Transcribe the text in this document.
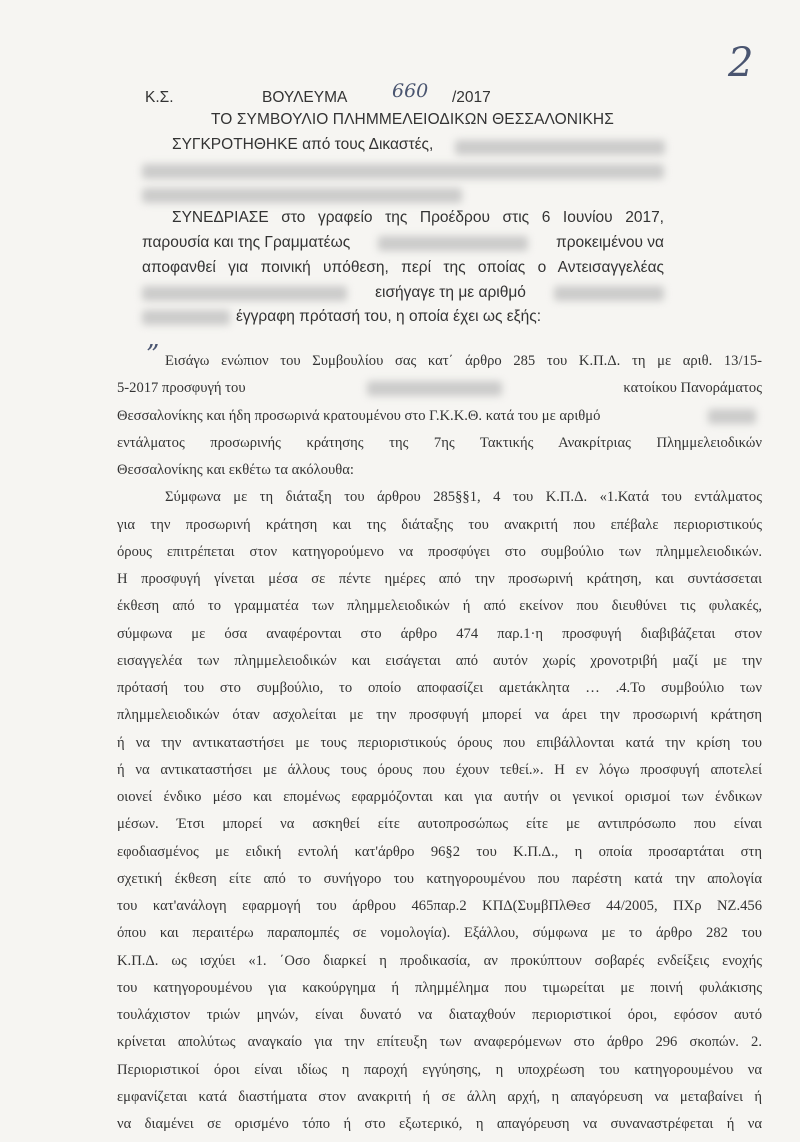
Κ.Σ.	ΒΟΥΛΕΥΜΑ 660 /2017
2
ΤΟ ΣΥΜΒΟΥΛΙΟ ΠΛΗΜΜΕΛΕΙΟΔΙΚΩΝ ΘΕΣΣΑΛΟΝΙΚΗΣ
ΣΥΓΚΡΟΤΗΘΗΚΕ από τους Δικαστές,
ΣΥΝΕΔΡΙΑΣΕ στο γραφείο της Προέδρου στις 6 Ιουνίου 2017,
παρουσία και της Γραμματέως	προκειμένου να
αποφανθεί για ποινική υπόθεση, περί της οποίας ο Αντεισαγγελέας
εισήγαγε τη με αριθμό
έγγραφη πρότασή του, η οποία έχει ως εξής:
” Εισάγω ενώπιον του Συμβουλίου σας κατ΄ άρθρο 285 του Κ.Π.Δ. τη με αριθ. 13/15-
5-2017 προσφυγή του	κατοίκου Πανοράματος
Θεσσαλονίκης και ήδη προσωρινά κρατουμένου στο Γ.Κ.Κ.Θ. κατά του με αριθμό
εντάλματος προσωρινής κράτησης της 7ης Τακτικής Ανακρίτριας Πλημμελειοδικών
Θεσσαλονίκης και εκθέτω τα ακόλουθα:
Σύμφωνα με τη διάταξη του άρθρου 285§§1, 4 του Κ.Π.Δ. «1.Κατά του εντάλματος
για την προσωρινή κράτηση και της διάταξης του ανακριτή που επέβαλε περιοριστικούς
όρους επιτρέπεται στον κατηγορούμενο να προσφύγει στο συμβούλιο των πλημμελειοδικών.
Η προσφυγή γίνεται μέσα σε πέντε ημέρες από την προσωρινή κράτηση, και συντάσσεται
έκθεση από το γραμματέα των πλημμελειοδικών ή από εκείνον που διευθύνει τις φυλακές,
σύμφωνα με όσα αναφέρονται στο άρθρο 474 παρ.1·η προσφυγή διαβιβάζεται στον
εισαγγελέα των πλημμελειοδικών και εισάγεται από αυτόν χωρίς χρονοτριβή μαζί με την
πρότασή του στο συμβούλιο, το οποίο αποφασίζει αμετάκλητα … .4.Το συμβούλιο των
πλημμελειοδικών όταν ασχολείται με την προσφυγή μπορεί να άρει την προσωρινή κράτηση
ή να την αντικαταστήσει με τους περιοριστικούς όρους που επιβάλλονται κατά την κρίση του
ή να αντικαταστήσει με άλλους τους όρους που έχουν τεθεί.». Η εν λόγω προσφυγή αποτελεί
οιονεί ένδικο μέσο και επομένως εφαρμόζονται και για αυτήν οι γενικοί ορισμοί των ένδικων
μέσων. Έτσι μπορεί να ασκηθεί είτε αυτοπροσώπως είτε με αντιπρόσωπο που είναι
εφοδιασμένος με ειδική εντολή κατ'άρθρο 96§2 του Κ.Π.Δ., η οποία προσαρτάται στη
σχετική έκθεση είτε από το συνήγορο του κατηγορουμένου που παρέστη κατά την απολογία
του κατ'ανάλογη εφαρμογή του άρθρου 465παρ.2 ΚΠΔ(ΣυμβΠλΘεσ 44/2005, ΠΧρ ΝΖ.456
όπου και περαιτέρω παραπομπές σε νομολογία). Εξάλλου, σύμφωνα με το άρθρο 282 του
Κ.Π.Δ. ως ισχύει «1. ΄Οσο διαρκεί η προδικασία, αν προκύπτουν σοβαρές ενδείξεις ενοχής
του κατηγορουμένου για κακούργημα ή πλημμέλημα που τιμωρείται με ποινή φυλάκισης
τουλάχιστον τριών μηνών, είναι δυνατό να διαταχθούν περιοριστικοί όροι, εφόσον αυτό
κρίνεται απολύτως αναγκαίο για την επίτευξη των αναφερόμενων στο άρθρο 296 σκοπών. 2.
Περιοριστικοί όροι είναι ιδίως η παροχή εγγύησης, η υποχρέωση του κατηγορουμένου να
εμφανίζεται κατά διαστήματα στον ανακριτή ή σε άλλη αρχή, η απαγόρευση να μεταβαίνει ή
να διαμένει σε ορισμένο τόπο ή στο εξωτερικό, η απαγόρευση να συναναστρέφεται ή να
